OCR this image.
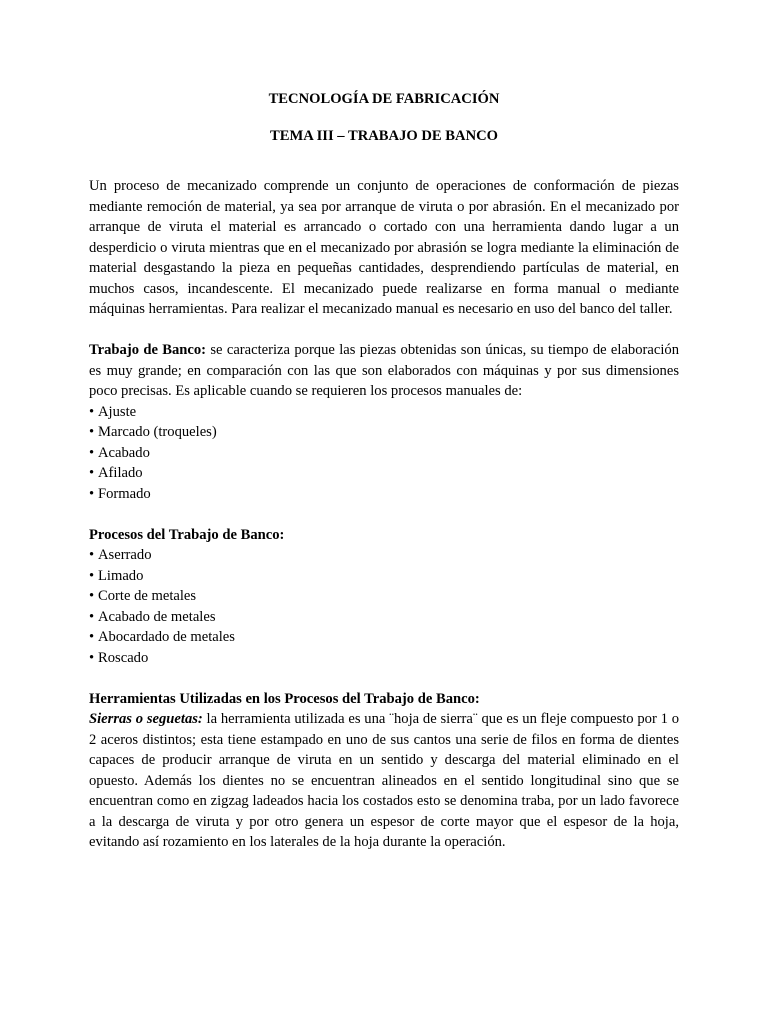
TECNOLOGÍA DE FABRICACIÓN

TEMA III – TRABAJO DE BANCO

Un proceso de mecanizado comprende un conjunto de operaciones de conformación de piezas mediante remoción de material, ya sea por arranque de viruta o por abrasión. En el mecanizado por arranque de viruta el material es arrancado o cortado con una herramienta dando lugar a un desperdicio o viruta mientras que en el mecanizado por abrasión se logra mediante la eliminación de material desgastando la pieza en pequeñas cantidades, desprendiendo partículas de material, en muchos casos, incandescente. El mecanizado puede realizarse en forma manual o mediante máquinas herramientas. Para realizar el mecanizado manual es necesario en uso del banco del taller.

Trabajo de Banco: se caracteriza porque las piezas obtenidas son únicas, su tiempo de elaboración es muy grande; en comparación con las que son elaborados con máquinas y por sus dimensiones poco precisas. Es aplicable cuando se requieren los procesos manuales de:

• Ajuste
• Marcado (troqueles)
• Acabado
• Afilado
• Formado

Procesos del Trabajo de Banco:

• Aserrado
• Limado
• Corte de metales
• Acabado de metales
• Abocardado de metales
• Roscado

Herramientas Utilizadas en los Procesos del Trabajo de Banco:

Sierras o seguetas: la herramienta utilizada es una ¨hoja de sierra¨ que es un fleje compuesto por 1 o 2 aceros distintos; esta tiene estampado en uno de sus cantos una serie de filos en forma de dientes capaces de producir arranque de viruta en un sentido y descarga del material eliminado en el opuesto. Además los dientes no se encuentran alineados en el sentido longitudinal sino que se encuentran como en zigzag ladeados hacia los costados esto se denomina traba, por un lado favorece a la descarga de viruta y por otro genera un espesor de corte mayor que el espesor de la hoja, evitando así rozamiento en los laterales de la hoja durante la operación.
